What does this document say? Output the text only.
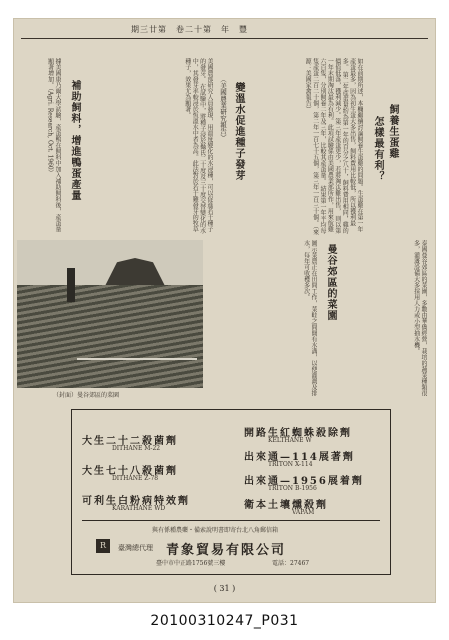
期三廿第　卷二十第　年　豐
飼養生蛋雞
怎樣最有利？
如在前期所述，本欄繼續討論飼養生蛋雞的問題。生蛋雞在第一年產蛋最多，因為初生蛋大多出售，飼料費用比較低，所以獲利最多。 第二年產蛋量約為第一年的百分之八十，飼料費用相同，雞的價值低落，獲利減少。第三年產蛋更少，若將淘汰雞出售， 則以第一年末期淘汰最為有利。此項試驗係由美國農業部所作，用來航雞六百隻，分別飼養二年及三年，比較其產蛋量。 結果第一年平均每隻產蛋二百二十個，第二年一百七十五個，第三年一百三十個。（來源：美國家禽報告）
泰國曼谷郊區的菜園，多數由華僑經營，栽培的蔬菜種類很多，灌溉設備大多採用人力或小型抽水機。
曼谷郊區的菜園
圖示菜農正在田間工作，菜畦之間開有水溝，以便灌溉及排水，每年可收穫多次。
變溫水促進種子發芽
（美國農業研究報告）
美國農部研究人員發現，用溫度變化的水浸種，可以促進若干種子的發芽。 在試驗中，將種子浸於攝氏二十度及三十度交替變化的水中，其發芽率較浸於恆溫水中者為高。此法對於若干難發芽的牧草種子，效果尤為顯著。
補助飼料，增進鴨蛋產量
據美國康乃爾大學試驗，產蛋鴨在飼料中加入補助飼料後，產蛋量顯著增加。（Agri. Research, Oct. 1960）
（封面）曼谷郊區的菜園
開路生紅蜘蛛殺除劑
KELTHANE W
出來通—114展著劑
TRITON X-114
出來通—1956展着劑
TRITON B-1956
衛本土壤燻殺劑
VAPAM
大生二十二殺菌劑
DITHANE M-22
大生七十八殺菌劑
DITHANE Z-78
可利生白粉病特效劑
KARATHANE WD
與有係種農藥・備索說明書即寄台北八角郵信箱
R	臺灣總代理 青象貿易有限公司
臺中市中正路1756號三樓	電話：27467
( 31 )
20100310247_P031
